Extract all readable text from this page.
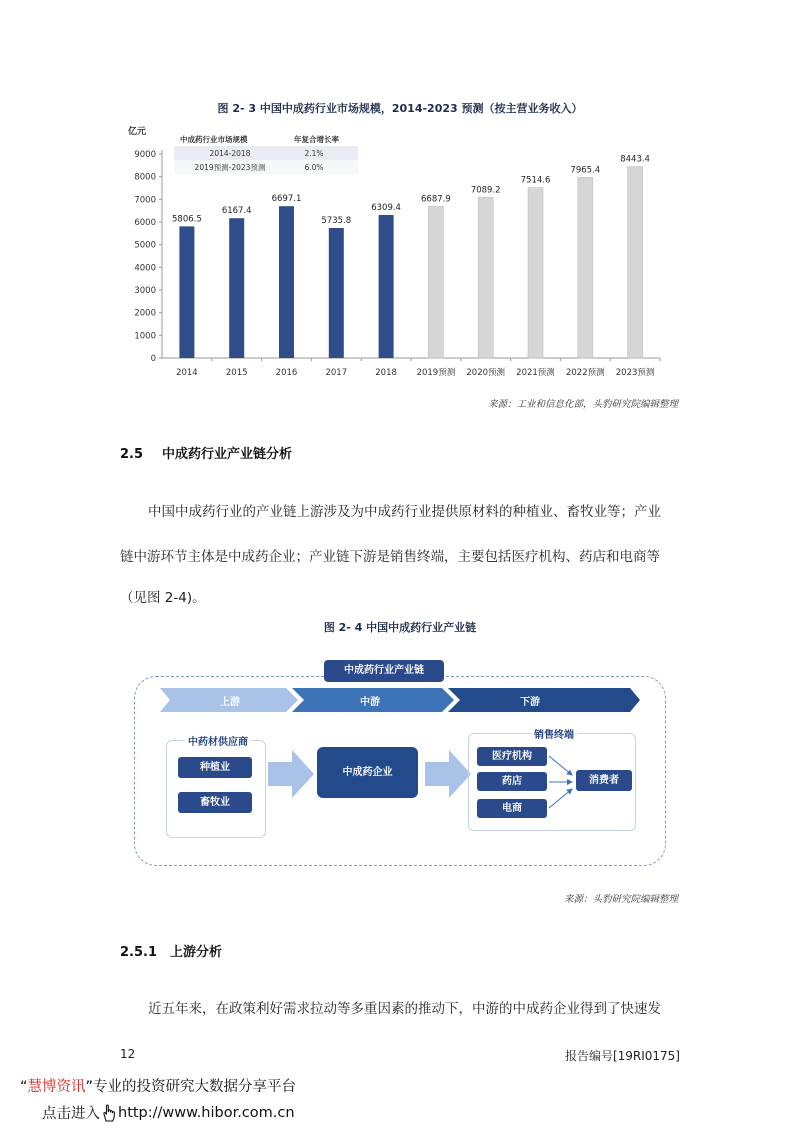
图 2- 3 中国中成药行业市场规模，2014-2023 预测（按主营业务收入）
亿元
0
1000
2000
3000
4000
5000
6000
7000
8000
9000
2014	2015	2016	2017	2018 2019预测 2020预测 2021预测 2022预测 2023预测
5806.5
6167.4
6697.1
5735.8
6309.4
6687.9
7089.2
7514.6
7965.4
8443.4
中成药行业市场规模	年复合增长率
2014-2018	2.1%
2019预测-2023预测	6.0%
来源：工业和信息化部，头豹研究院编辑整理
2.5 中成药行业产业链分析
中国中成药行业的产业链上游涉及为中成药行业提供原材料的种植业、畜牧业等；产业
链中游环节主体是中成药企业；产业链下游是销售终端，主要包括医疗机构、药店和电商等
（见图 2-4)。
图 2- 4 中国中成药行业产业链
中成药行业产业链
上游	中游	下游
中药材供应商
种植业
畜牧业
中成药企业
销售终端
医疗机构
药店
电商
消费者
来源：头豹研究院编辑整理
2.5.1 上游分析
近五年来，在政策利好需求拉动等多重因素的推动下，中游的中成药企业得到了快速发
12	报告编号[19RI0175]
“慧博资讯”专业的投资研究大数据分享平台
点击进入 http://www.hibor.com.cn
